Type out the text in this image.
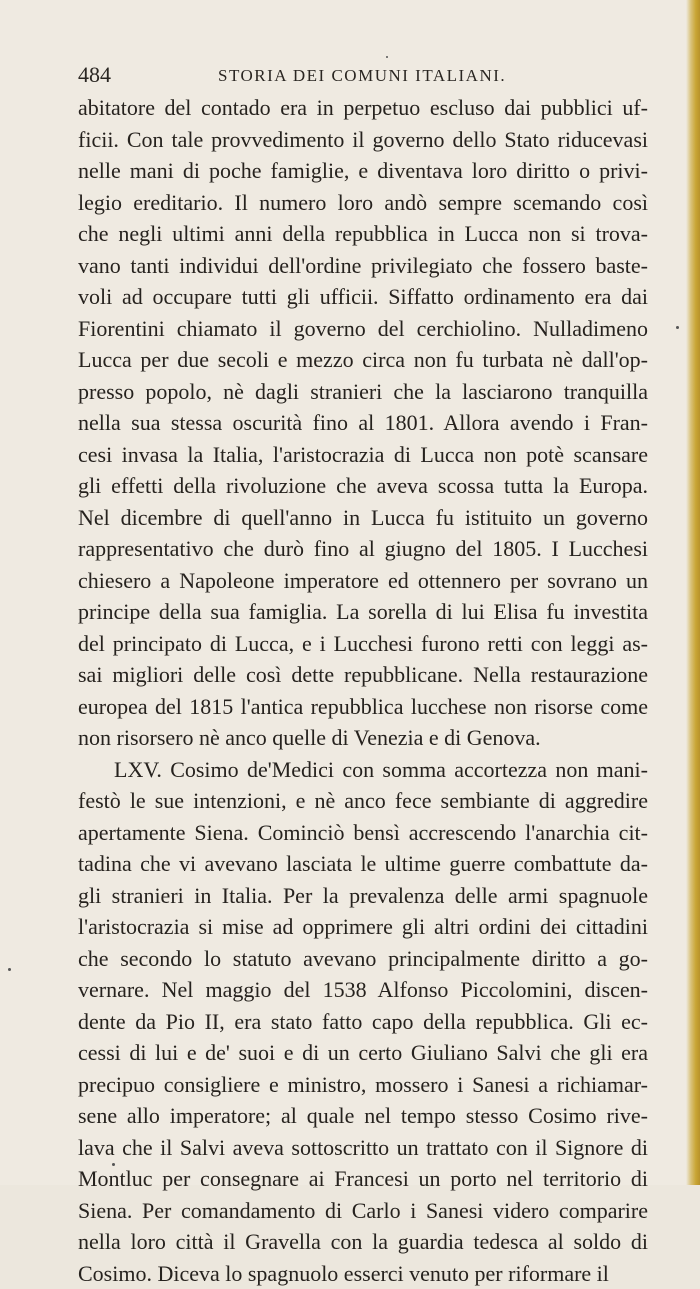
484	STORIA DEI COMUNI ITALIANI.
abitatore del contado era in perpetuo escluso dai pubblici uf-
ficii. Con tale provvedimento il governo dello Stato riducevasi
nelle mani di poche famiglie, e diventava loro diritto o privi-
legio ereditario. Il numero loro andò sempre scemando così
che negli ultimi anni della repubblica in Lucca non si trova-
vano tanti individui dell'ordine privilegiato che fossero baste-
voli ad occupare tutti gli ufficii. Siffatto ordinamento era dai
Fiorentini chiamato il governo del cerchiolino. Nulladimeno
Lucca per due secoli e mezzo circa non fu turbata nè dall'op-
presso popolo, nè dagli stranieri che la lasciarono tranquilla
nella sua stessa oscurità fino al 1801. Allora avendo i Fran-
cesi invasa la Italia, l'aristocrazia di Lucca non potè scansare
gli effetti della rivoluzione che aveva scossa tutta la Europa.
Nel dicembre di quell'anno in Lucca fu istituito un governo
rappresentativo che durò fino al giugno del 1805. I Lucchesi
chiesero a Napoleone imperatore ed ottennero per sovrano un
principe della sua famiglia. La sorella di lui Elisa fu investita
del principato di Lucca, e i Lucchesi furono retti con leggi as-
sai migliori delle così dette repubblicane. Nella restaurazione
europea del 1815 l'antica repubblica lucchese non risorse come
non risorsero nè anco quelle di Venezia e di Genova.
LXV. Cosimo de'Medici con somma accortezza non mani-
festò le sue intenzioni, e nè anco fece sembiante di aggredire
apertamente Siena. Cominciò bensì accrescendo l'anarchia cit-
tadina che vi avevano lasciata le ultime guerre combattute da-
gli stranieri in Italia. Per la prevalenza delle armi spagnuole
l'aristocrazia si mise ad opprimere gli altri ordini dei cittadini
che secondo lo statuto avevano principalmente diritto a go-
vernare. Nel maggio del 1538 Alfonso Piccolomini, discen-
dente da Pio II, era stato fatto capo della repubblica. Gli ec-
cessi di lui e de' suoi e di un certo Giuliano Salvi che gli era
precipuo consigliere e ministro, mossero i Sanesi a richiamar-
sene allo imperatore; al quale nel tempo stesso Cosimo rive-
lava che il Salvi aveva sottoscritto un trattato con il Signore di
Montluc per consegnare ai Francesi un porto nel territorio di
Siena. Per comandamento di Carlo i Sanesi videro comparire
nella loro città il Gravella con la guardia tedesca al soldo di
Cosimo. Diceva lo spagnuolo esserci venuto per riformare il
